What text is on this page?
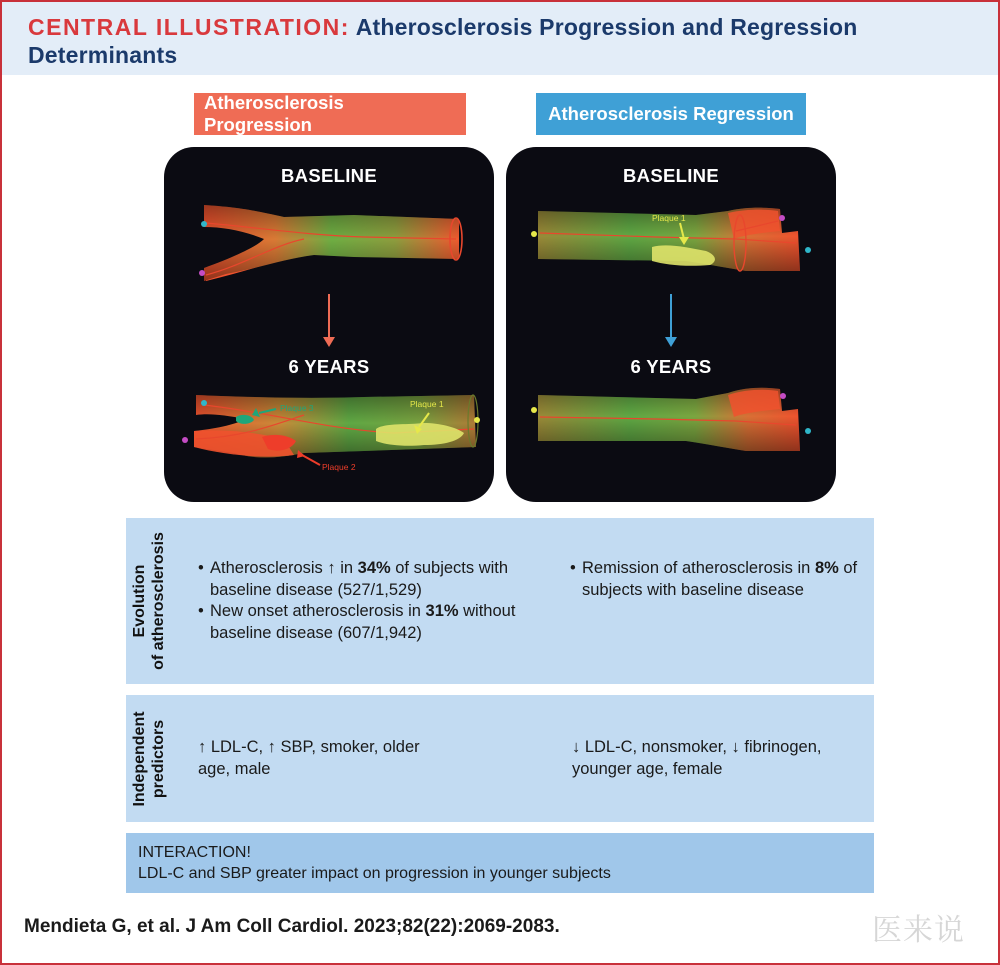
CENTRAL ILLUSTRATION: Atherosclerosis Progression and Regression Determinants
Atherosclerosis Progression
Atherosclerosis Regression
Plaque 1
Plaque 2
Plaque 3
BASELINE
6 YEARS
Plaque 1
BASELINE
6 YEARS
Evolution of atherosclerosis
•	Atherosclerosis ↑ in 34% of subjects with baseline disease (527/1,529)
• New onset atherosclerosis in 31% without baseline disease (607/1,942)
• Remission of atherosclerosis in 8% of subjects with baseline disease
Independent predictors ↑ LDL-C, ↑ SBP, smoker, older age, male
↓ LDL-C, nonsmoker, ↓ fibrinogen, younger age, female
INTERACTION!
LDL-C and SBP greater impact on progression in younger subjects
Mendieta G, et al. J Am Coll Cardiol. 2023;82(22):2069-2083.	医来说
